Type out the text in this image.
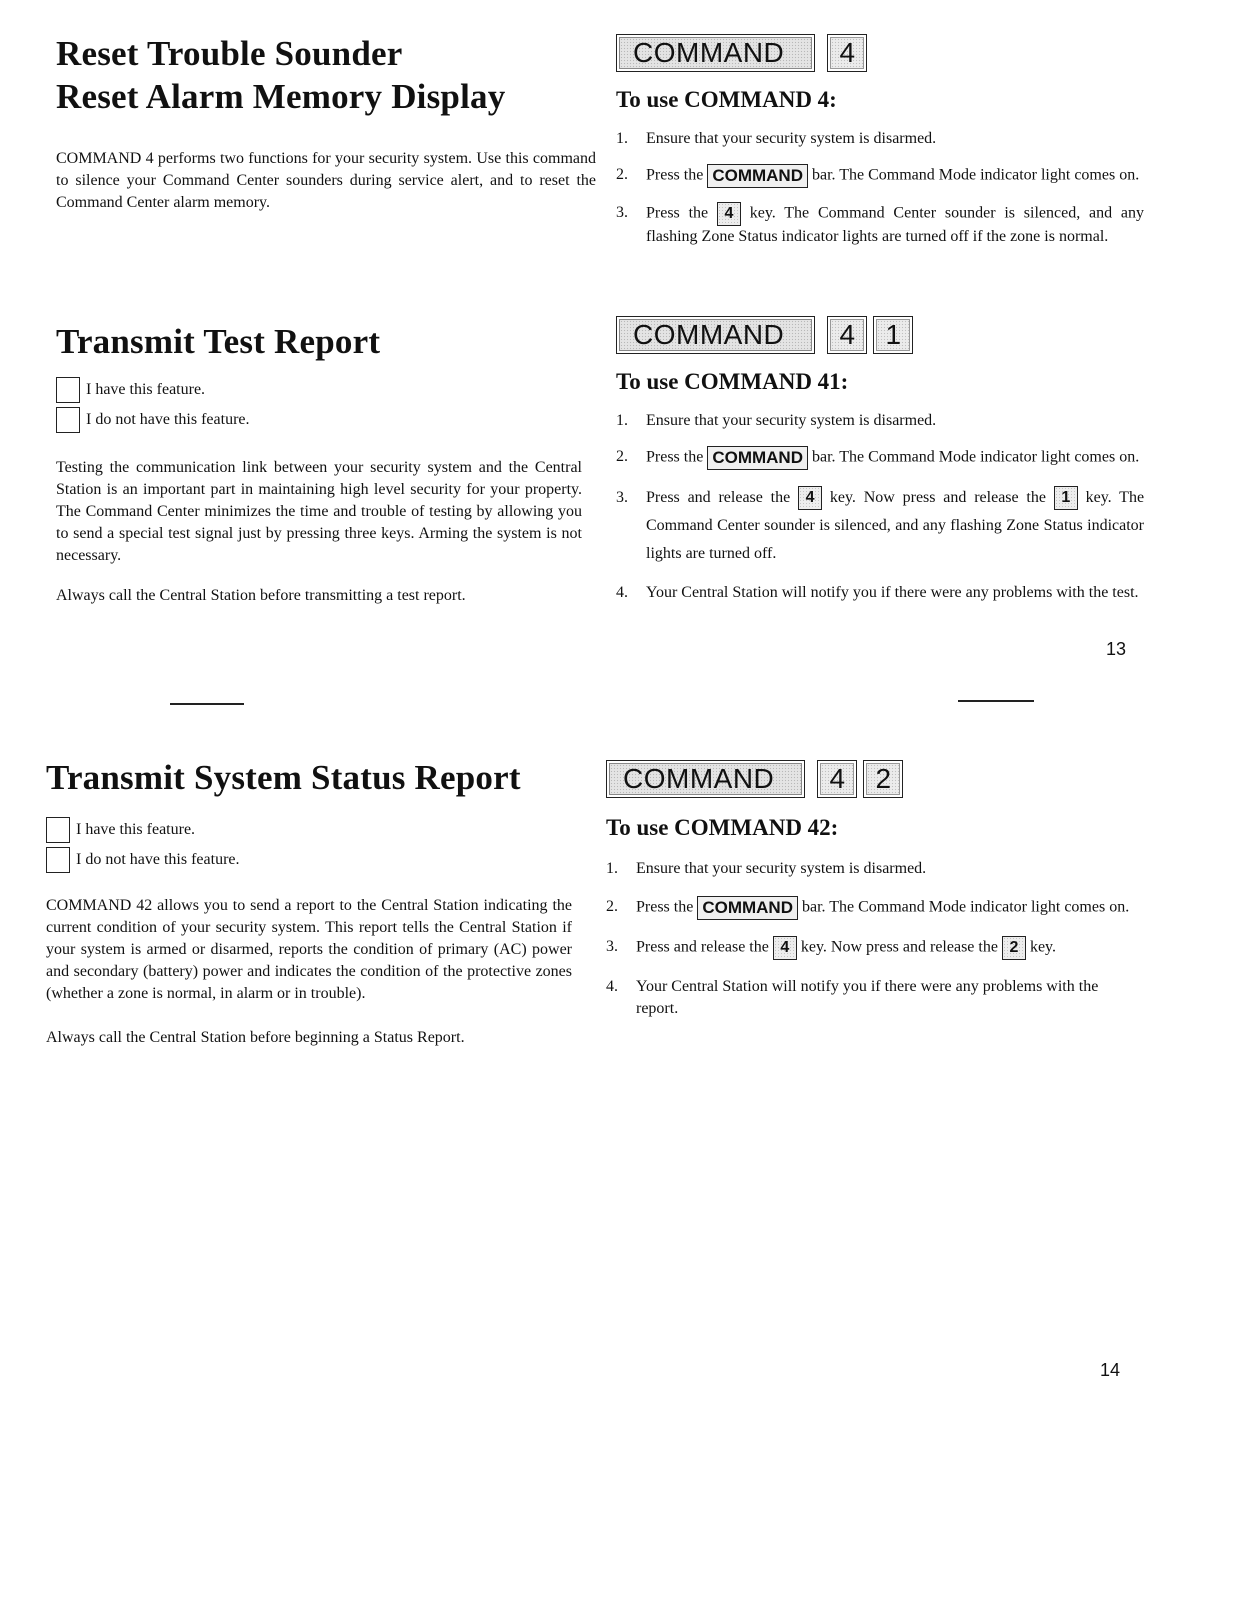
Reset Trouble Sounder
Reset Alarm Memory Display

COMMAND 4 performs two functions for your security system. Use this command to silence your Command Center sounders during service alert, and to reset the Command Center alarm memory.

Transmit Test Report
I have this feature.
I do not have this feature.

Testing the communication link between your security system and the Central Station is an important part in maintaining high level security for your property. The Command Center minimizes the time and trouble of testing by allowing you to send a special test signal just by pressing three keys. Arming the system is not necessary.

Always call the Central Station before transmitting a test report.

COMMAND	4
To use COMMAND 4:
1. Ensure that your security system is disarmed.
2. Press the COMMAND bar. The Command Mode indicator light comes on.
3. Press the 4 key. The Command Center sounder is silenced, and any flashing Zone Status indicator lights are turned off if the zone is normal.
COMMAND	4	1
To use COMMAND 41:
1. Ensure that your security system is disarmed.
2. Press the COMMAND bar. The Command Mode indicator light comes on.
3. Press and release the 4 key. Now press and release the 1 key. The Command Center sounder is silenced, and any flashing Zone Status indicator lights are turned off.
4. Your Central Station will notify you if there were any problems with the test.
13
Transmit System Status Report
I have this feature.
I do not have this feature.

COMMAND 42 allows you to send a report to the Central Station indicating the current condition of your security system. This report tells the Central Station if your system is armed or disarmed, reports the condition of primary (AC) power and secondary (battery) power and indicates the condition of the protective zones (whether a zone is normal, in alarm or in trouble).

Always call the Central Station before beginning a Status Report.

COMMAND	4	2
To use COMMAND 42:
1. Ensure that your security system is disarmed.
2. Press the COMMAND bar. The Command Mode indicator light comes on.
3. Press and release the 4 key. Now press and release the 2 key.
4. Your Central Station will notify you if there were any problems with the report.
14
